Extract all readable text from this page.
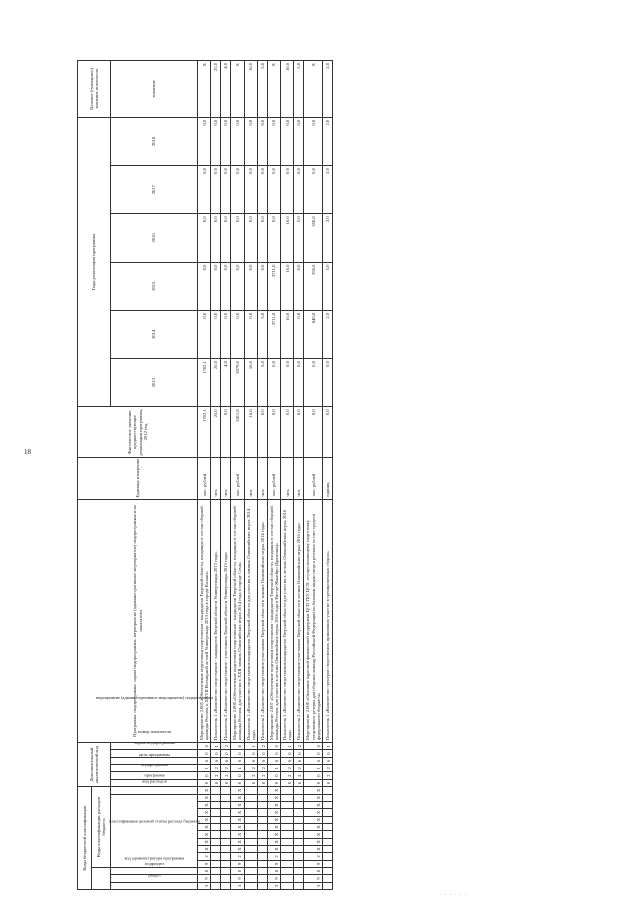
18
· · · · · ·
Коды бюджетной классификации														Дополнительный аналитический код						Программа, подпрограмма, задача подпрограммы, мероприятие (административное мероприятие) подпрограммы и их показатели	Единица измерения	Фактическое значение, предшествующее реализации программы, 2012 год	Годы реализации программы						Целевое (суммарное) значение показателя
			Коды классификации расходов бюджета																										
код администратора программы	раздел	подраздел	классификация целевой статьи расхода бюджета										вид расходов	программа	подпрограмма	цель программы	задача подпрограммы	мероприятие (административное мероприятие) подпрограммы	номер показателя				2013	2014	2015	2016	2017	2018	значение
3	9	8	9	2	X	X	X	X	X	X	X	X	X	0	0	1	6	0	0	Мероприятие 2.005 «Обеспечение подготовки спортсменов - кандидатов Тверской области, входящих в состав сборной команды России, к XXVII Всемирной летней Универсиаде 2013 года в городе Казани»	тыс. рублей	1702,1	1702,1	0,0	0,0	0,0	0,0	0,0	X
														0	2	2	6	0	1	Показатель 1 «Количество спортсменов - кандидатов Тверской области Универсиады 2013 года»	чел.	25,0	25,0	0,0	0,0	0,0	0,0	0,0	25,0
														0	2	2	6	0	2	Показатель 2 «Количество спортсменов - участников Тверской области Универсиады 2013 года»	чел.	0,0	4,0	0,0	0,0	0,0	0,0	0,0	4,0
3	9	8	9	2	X	X	X	X	X	X	X	X	X	0	0	1	6	0	0	Мероприятие 2.006 «Обеспечение подготовки спортсменов - кандидатов Тверской области, входящих в состав сборной команды России, для участия в XXII зимних Олимпийских играх 2014 года в городе Сочи»	тыс. рублей	2411,8	3079,6	0,0	0,0	0,0	0,0	0,0	X
														0	2	2	6	0	1	Показатель 1 «Количество спортсменов-кандидатов Тверской области для участия в зимних Олимпийских играх 2014 года»	чел.	16,0	16,0	0,0	0,0	0,0	0,0	0,0	16,0
														0	2	2	6	0	2	Показатель 2 «Количество спортсменов-участников Тверской области в зимних Олимпийских играх 2014 года»	чел.	0,0	5,0	5,0	0,0	0,0	0,0	0,0	5,0
3	9	8	9	2	X	X	X	X	X	X	X	X	X	0	0	1	6	0	0	Мероприятие 2.007 «Обеспечение подготовки спортсменов - кандидатов Тверской области, входящих в состав сборной команды России, для участия в летних Олимпийских играх 2016 года в Рио-де-Жанейро (Бразилия)»	тыс. рублей	0,0	0,0	3711,0	3711,0	0,0	0,0	0,0	X
														0	2	2	6	0	1	Показатель 1 «Количество спортсменов-кандидатов Тверской области для участия в летних Олимпийских играх 2016 года»	чел.	0,0	0,0	16,0	16,0	16,0	0,0	0,0	16,0
														0	2	2	6	0	2	Показатель 2 «Количество спортсменов-участников Тверской области в летних Олимпийских играх 2016 года»	чел.	0,0	0,0	0,0	0,0	5,0	0,0	0,0	5,0
3	9	8	9	2	X	X	X	X	X	X	X	X	X	0	0	1	6	0	0	Мероприятие 2.008 «Оказание адресной финансовой поддержки ЦСП ГБУ ЦСП, осуществляющему подготовку спортивного резерва для сборных команд Российской Федерации по базовым видам спорта региона за счет средств федерального бюджета»	тыс. рублей	0,0	0,0	840,0	350,0	350,0	0,0	0,0	X
														0	2	2	6	0	1	Показатель 1 «Количество тренеров спортсменов, принявших участие в тренировочных сборах»	единиц	0,0	0,0	2,0	5,0	2,0	2,0	2,0	2,0
